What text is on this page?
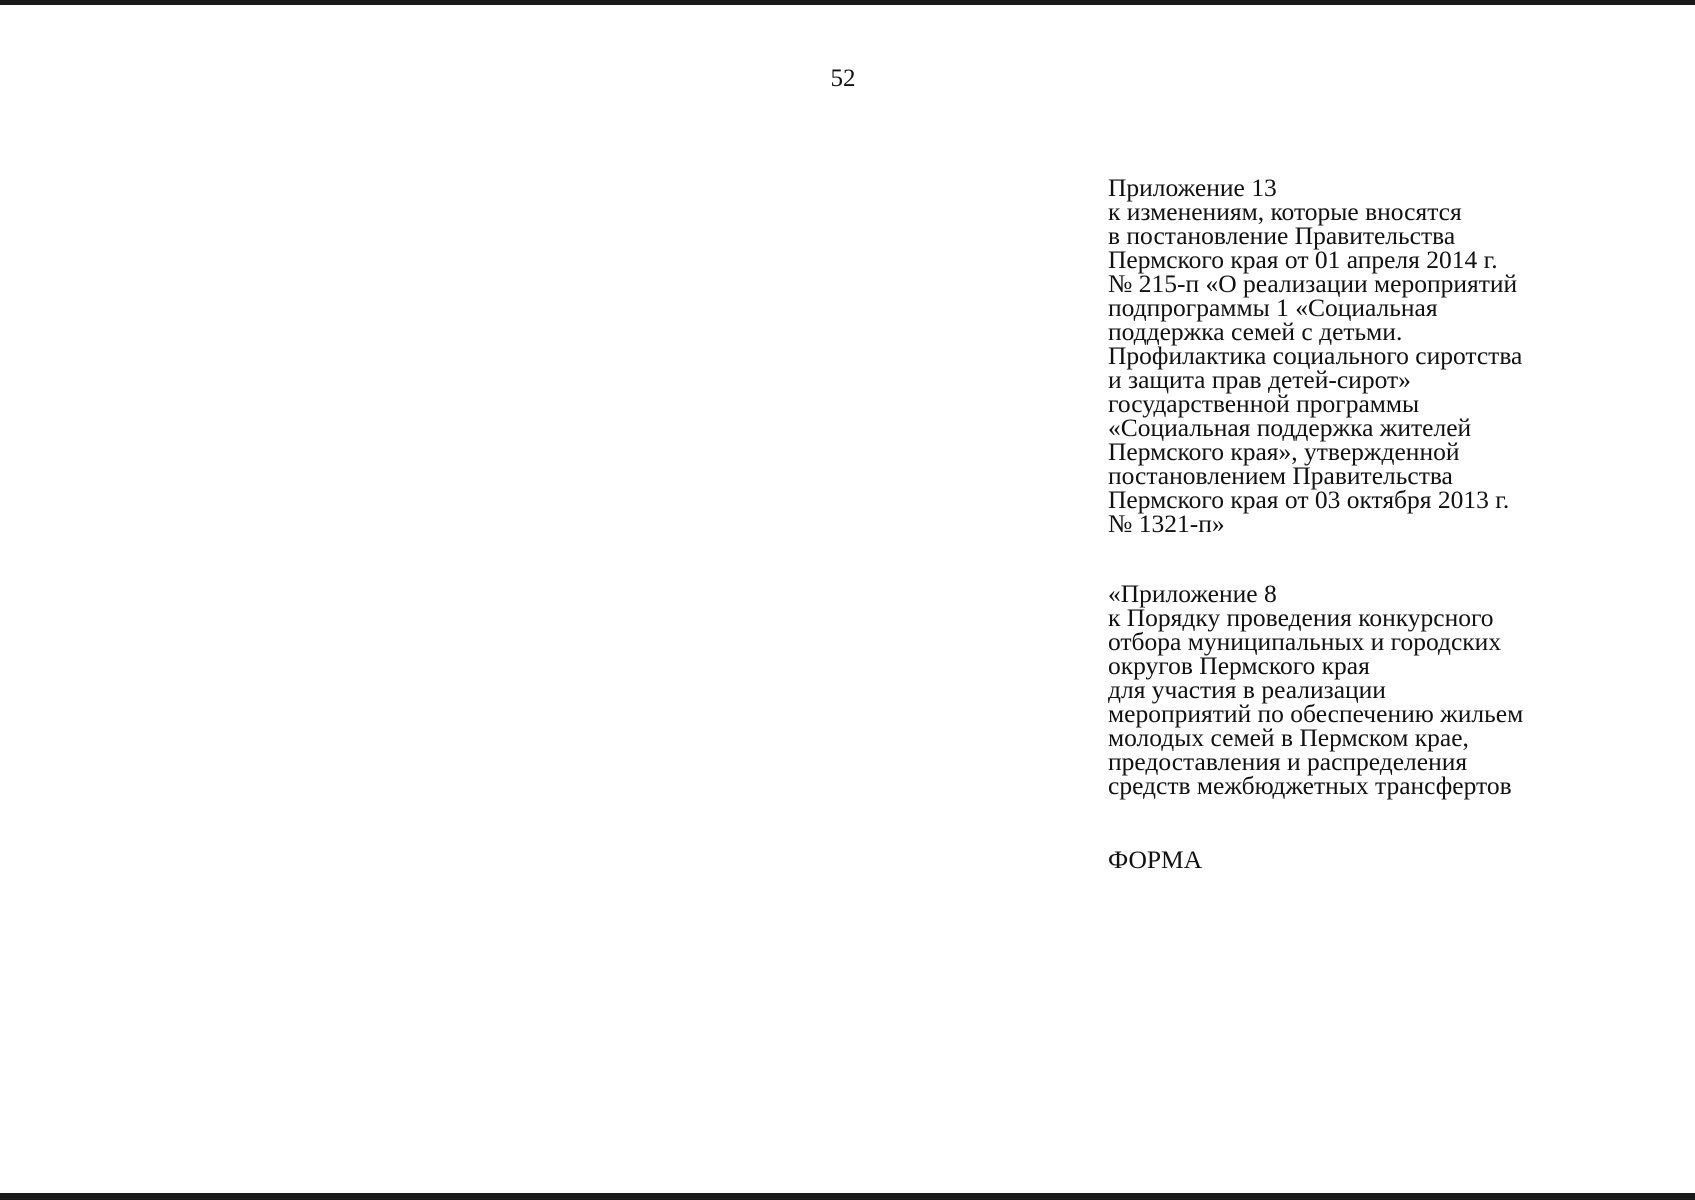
52
Приложение 13
к изменениям, которые вносятся
в постановление Правительства
Пермского края от 01 апреля 2014 г.
№ 215-п «О реализации мероприятий
подпрограммы 1 «Социальная
поддержка семей с детьми.
Профилактика социального сиротства
и защита прав детей-сирот»
государственной программы
«Социальная поддержка жителей
Пермского края», утвержденной
постановлением Правительства
Пермского края от 03 октября 2013 г.
№ 1321-п»
«Приложение 8
к Порядку проведения конкурсного
отбора муниципальных и городских
округов Пермского края
для участия в реализации
мероприятий по обеспечению жильем
молодых семей в Пермском крае,
предоставления и распределения
средств межбюджетных трансфертов
ФОРМА
